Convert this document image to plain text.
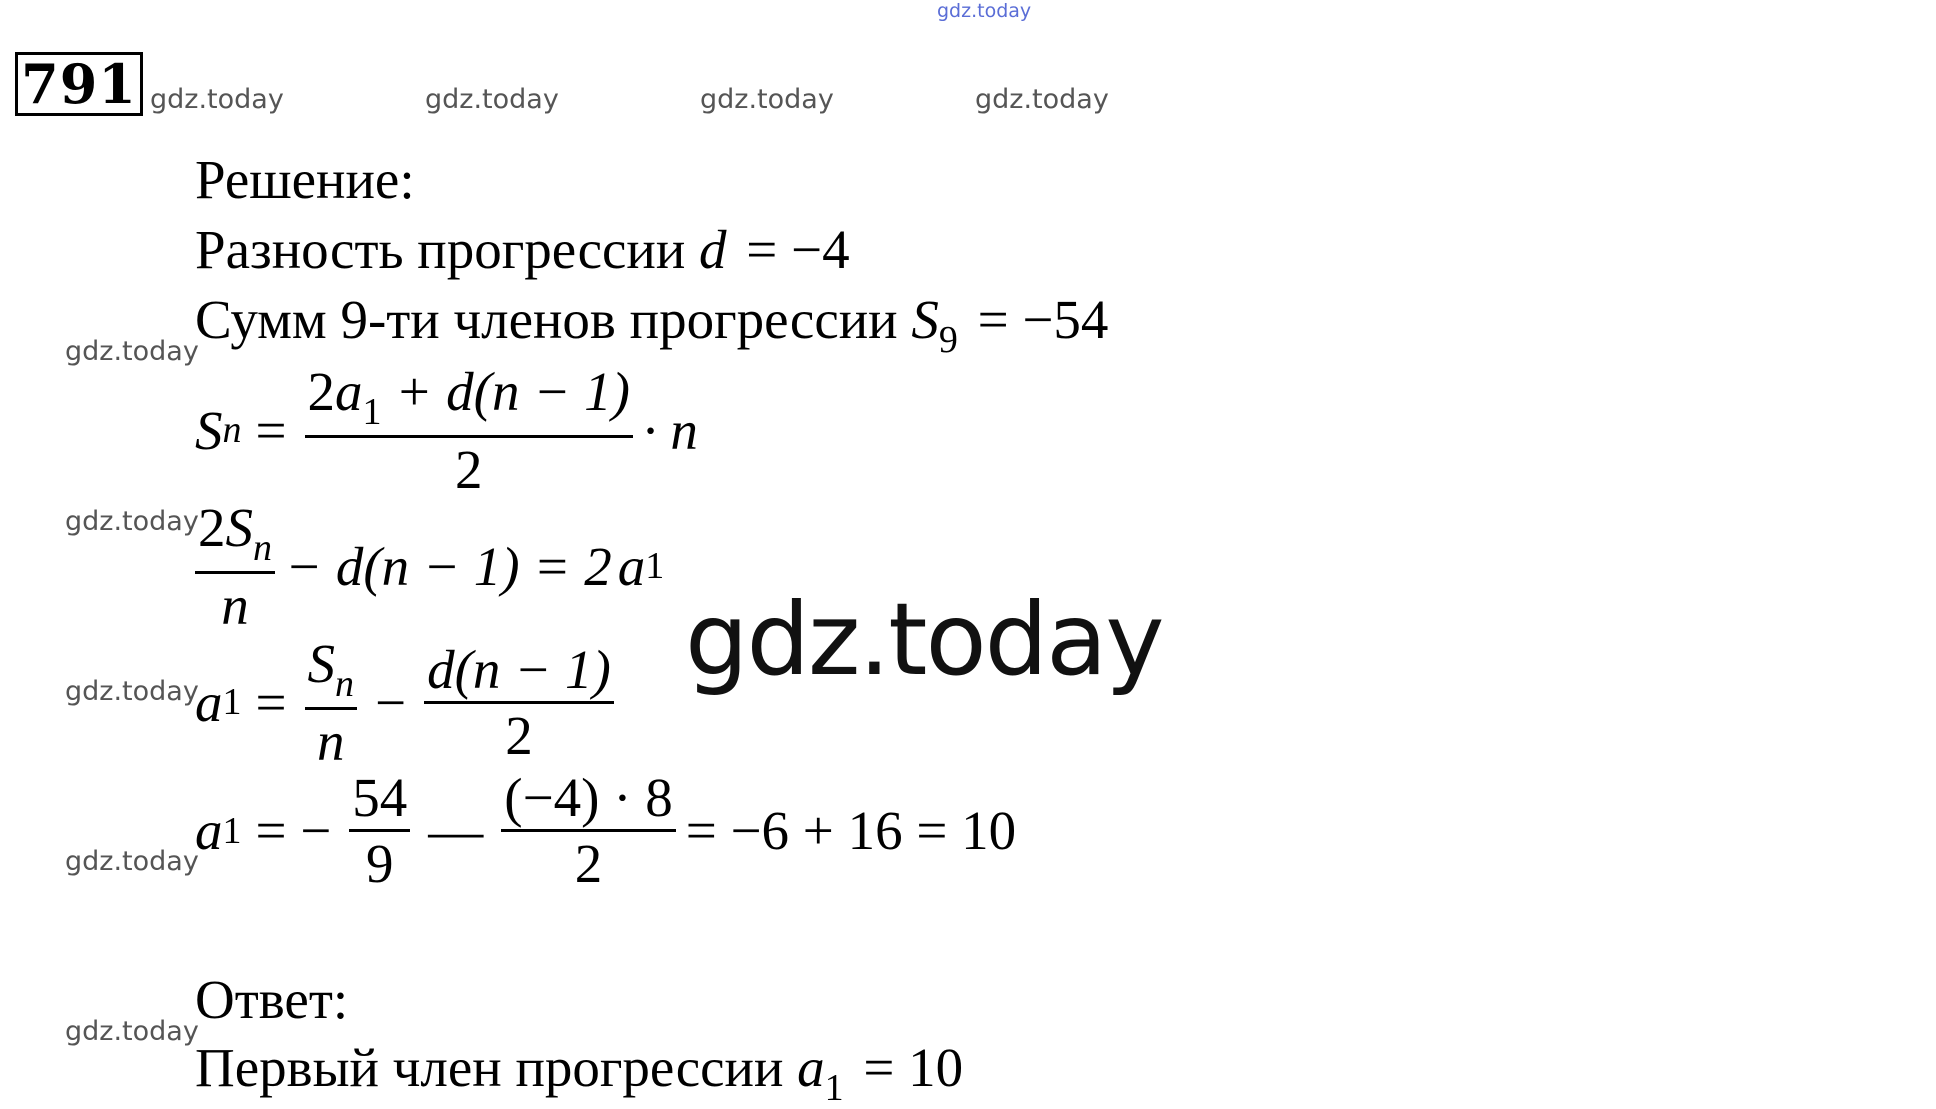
gdz.today
791 gdz.today	gdz.today	gdz.today	gdz.today
gdz.today
gdz.today
gdz.today
gdz.today
gdz.today
Решение:
Разность прогрессии d = −4
Сумм 9-ти членов прогрессии $S_9 = -54$
S $n = \frac{2a_1 + d(n - 1)}{2} \cdot n$
$\frac{2S_n}{n} - d(n - 1) = 2$ a 1
a $1 = \frac{S_n}{n} - \frac{d(n - 1)}{2}$ gdz.today
a 1 = − $\frac{54}{9}$ — $\frac{(-4) \cdot 8}{2} = -6 + 16 = 10$
Ответ:
Первый член прогрессии $a_1 = 10$
